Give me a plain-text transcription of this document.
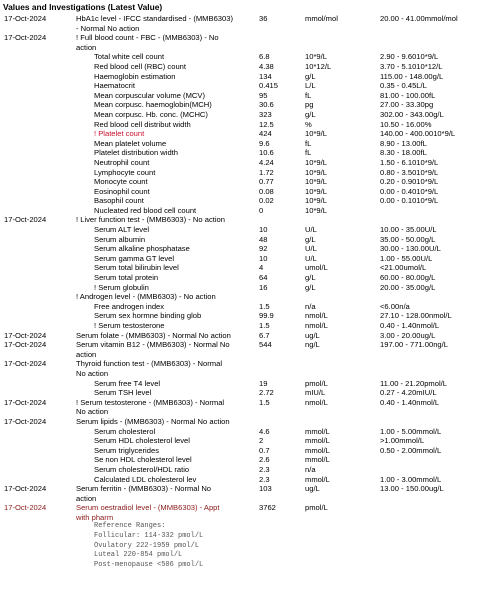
Values and Investigations (Latest Value)
17-Oct-2024	HbA1c level - IFCC standardised - (MMB6303)	36	mmol/mol	20.00 - 41.00mmol/mol
- Normal No action
17-Oct-2024	! Full blood count - FBC - (MMB6303) - No
action
Total white cell count	6.8	10*9/L	2.90 - 9.6010*9/L
Red blood cell (RBC) count	4.38	10*12/L	3.70 - 5.1010*12/L
Haemoglobin estimation	134	g/L	115.00 - 148.00g/L
Haematocrit	0.415	L/L	0.35 - 0.45L/L
Mean corpuscular volume (MCV)	95	fL	81.00 - 100.00fL
Mean corpusc. haemoglobin(MCH)	30.6	pg	27.00 - 33.30pg
Mean corpusc. Hb. conc. (MCHC)	323	g/L	302.00 - 343.00g/L
Red blood cell distribut width	12.5	%	10.50 - 16.00%
! Platelet count	424	10*9/L	140.00 - 400.0010*9/L
Mean platelet volume	9.6	fL	8.90 - 13.00fL
Platelet distribution width	10.6	fL	8.30 - 18.00fL
Neutrophil count	4.24	10*9/L	1.50 - 6.1010*9/L
Lymphocyte count	1.72	10*9/L	0.80 - 3.5010*9/L
Monocyte count	0.77	10*9/L	0.20 - 0.9010*9/L
Eosinophil count	0.08	10*9/L	0.00 - 0.4010*9/L
Basophil count	0.02	10*9/L	0.00 - 0.1010*9/L
Nucleated red blood cell count	0	10*9/L
17-Oct-2024	! Liver function test - (MMB6303) - No action
Serum ALT level	10	U/L	10.00 - 35.00U/L
Serum albumin	48	g/L	35.00 - 50.00g/L
Serum alkaline phosphatase	92	U/L	30.00 - 130.00U/L
Serum gamma GT level	10	U/L	1.00 - 55.00U/L
Serum total bilirubin level	4	umol/L	<21.00umol/L
Serum total protein	64	g/L	60.00 - 80.00g/L
! Serum globulin	16	g/L	20.00 - 35.00g/L
! Androgen level - (MMB6303) - No action
Free androgen index	1.5	n/a	<6.00n/a
Serum sex hormne binding glob	99.9	nmol/L	27.10 - 128.00nmol/L
! Serum testosterone	1.5	nmol/L	0.40 - 1.40nmol/L
17-Oct-2024	Serum folate - (MMB6303) - Normal No action	6.7	ug/L	3.00 - 20.00ug/L
17-Oct-2024	Serum vitamin B12 - (MMB6303) - Normal No	544	ng/L	197.00 - 771.00ng/L
action
17-Oct-2024	Thyroid function test - (MMB6303) - Normal
No action
Serum free T4 level	19	pmol/L	11.00 - 21.20pmol/L
Serum TSH level	2.72	mIU/L	0.27 - 4.20mIU/L
17-Oct-2024	! Serum testosterone - (MMB6303) - Normal	1.5	nmol/L	0.40 - 1.40nmol/L
No action
17-Oct-2024	Serum lipids - (MMB6303) - Normal No action
Serum cholesterol	4.6	mmol/L	1.00 - 5.00mmol/L
Serum HDL cholesterol level	2	mmol/L	>1.00mmol/L
Serum triglycerides	0.7	mmol/L	0.50 - 2.00mmol/L
Se non HDL cholesterol level	2.6	mmol/L
Serum cholesterol/HDL ratio	2.3	n/a
Calculated LDL cholesterol lev	2.3	mmol/L	1.00 - 3.00mmol/L
17-Oct-2024	Serum ferritin - (MMB6303) - Normal No	103	ug/L	13.00 - 150.00ug/L
action
17-Oct-2024	Serum oestradiol level - (MMB6303) - Appt	3762	pmol/L
with pharm
Reference Ranges:
Follicular: 114-332 pmol/L
Ovulatory 222-1959 pmol/L
Luteal 220-854 pmol/L
Post-menopause <506 pmol/L
